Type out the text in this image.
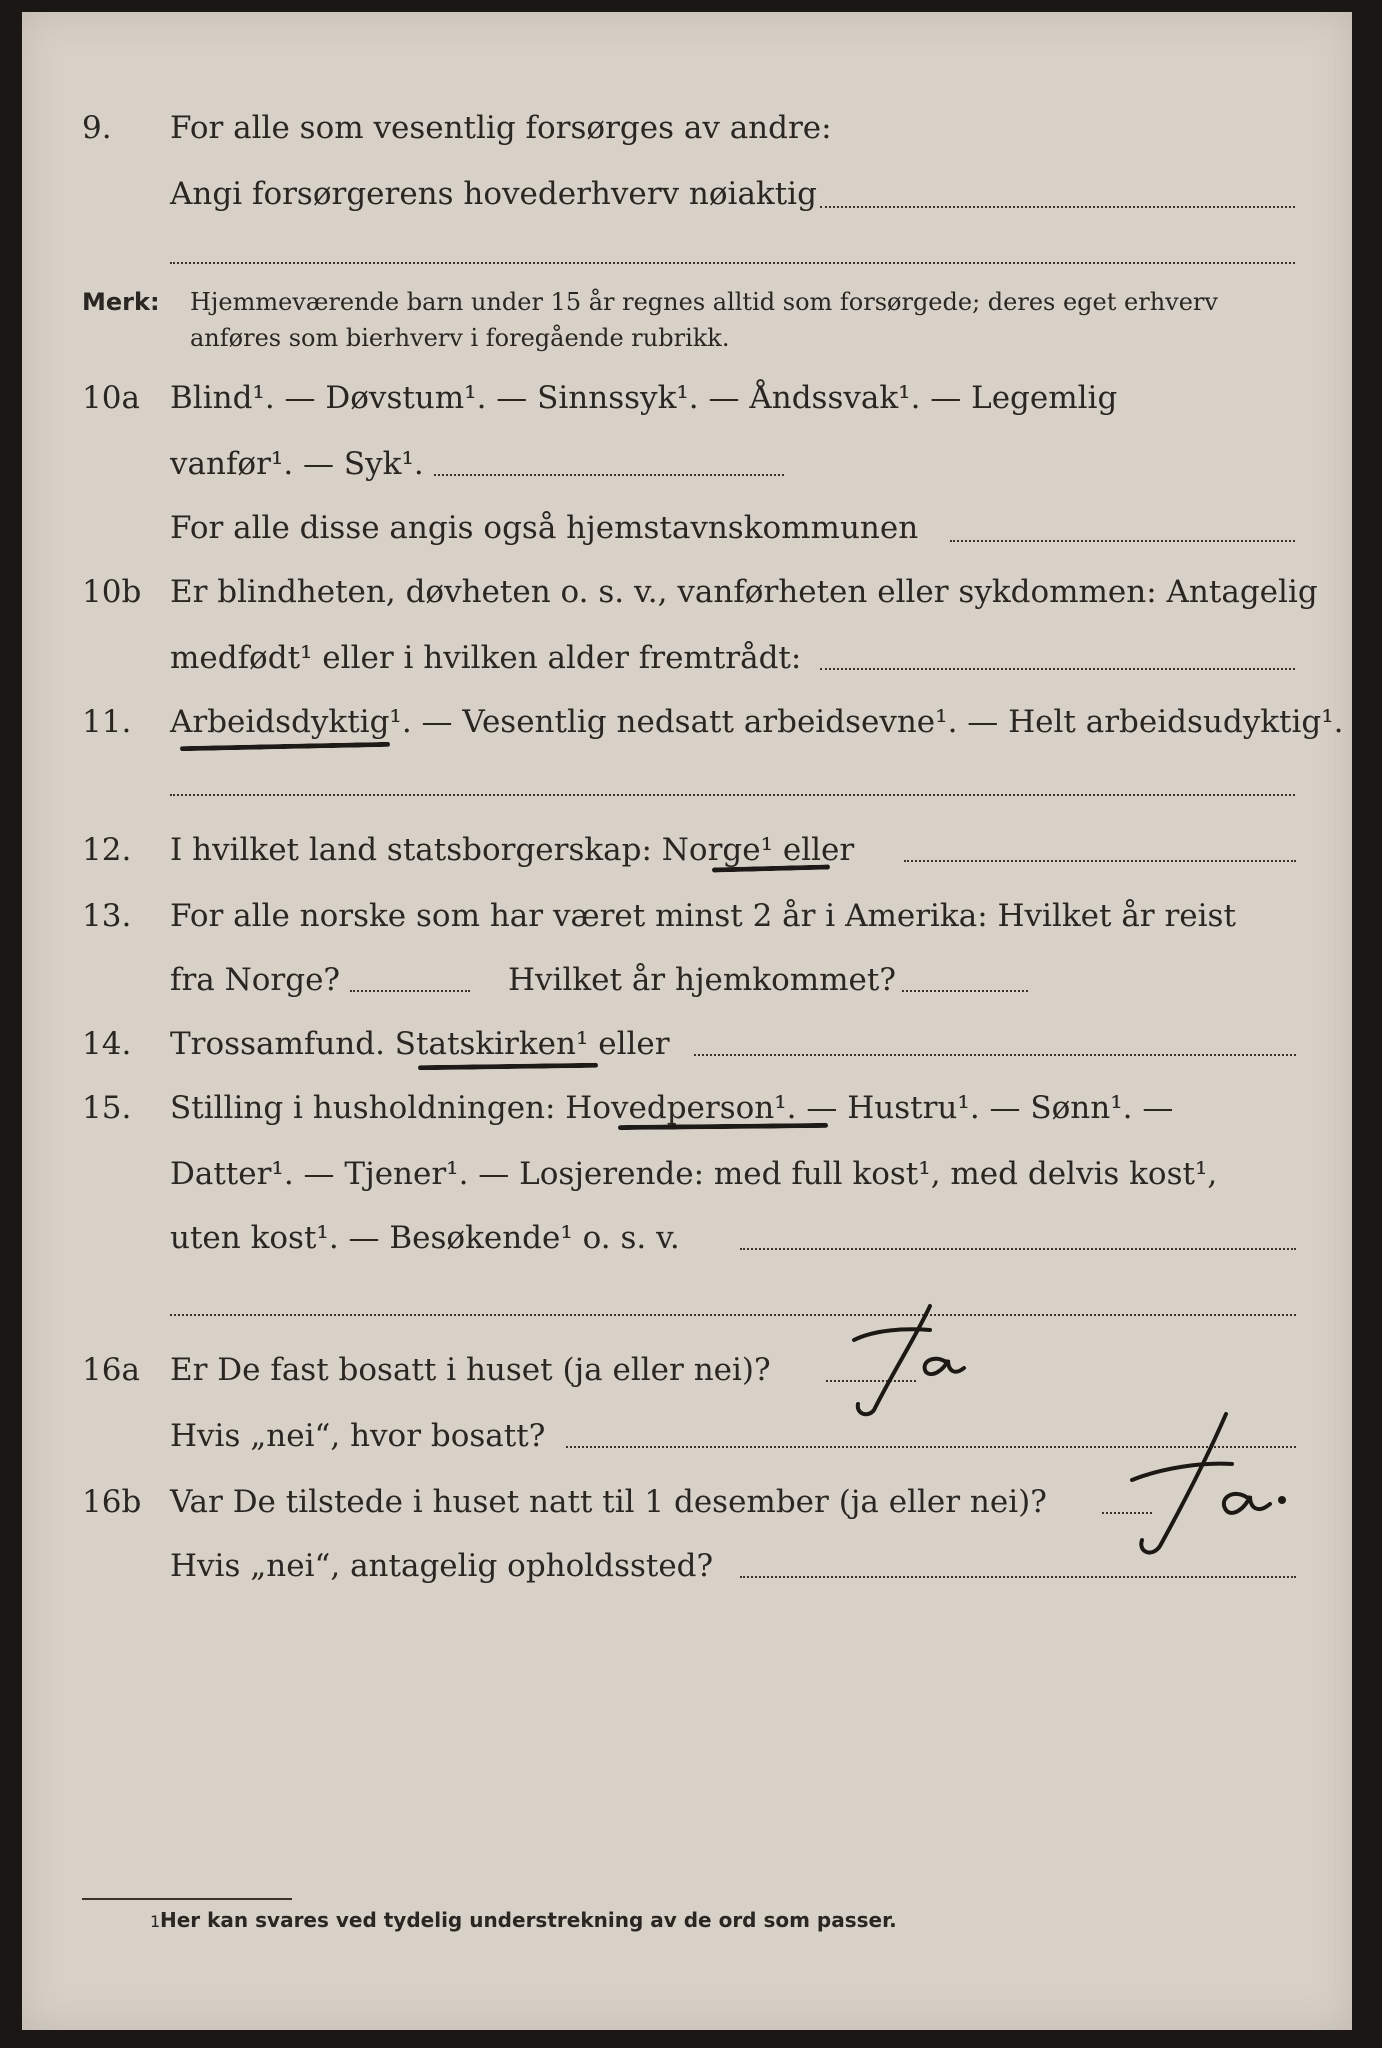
9. For alle som vesentlig forsørges av andre:
Angi forsørgerens hovederhverv nøiaktig
Merk: Hjemmeværende barn under 15 år regnes alltid som forsørgede; deres eget erhverv
anføres som bierhverv i foregående rubrikk.
10a Blind¹. — Døvstum¹. — Sinnssyk¹. — Åndssvak¹. — Legemlig
vanfør¹. — Syk¹.
For alle disse angis også hjemstavnskommunen
10b Er blindheten, døvheten o. s. v., vanførheten eller sykdommen: Antagelig
medfødt¹ eller i hvilken alder fremtrådt:
11. Arbeidsdyktig¹. — Vesentlig nedsatt arbeidsevne¹. — Helt arbeidsudyktig¹.
12. I hvilket land statsborgerskap: Norge¹ eller
13. For alle norske som har været minst 2 år i Amerika: Hvilket år reist
fra Norge?	Hvilket år hjemkommet?
14. Trossamfund. Statskirken¹ eller
15. Stilling i husholdningen: Hovedperson¹. — Hustru¹. — Sønn¹. —
Datter¹. — Tjener¹. — Losjerende: med full kost¹, med delvis kost¹,
uten kost¹. — Besøkende¹ o. s. v.
16a Er De fast bosatt i huset (ja eller nei)?
Hvis „nei“, hvor bosatt?
16b Var De tilstede i huset natt til 1 desember (ja eller nei)?
Hvis „nei“, antagelig opholdssted?
1 Her kan svares ved tydelig understrekning av de ord som passer.
